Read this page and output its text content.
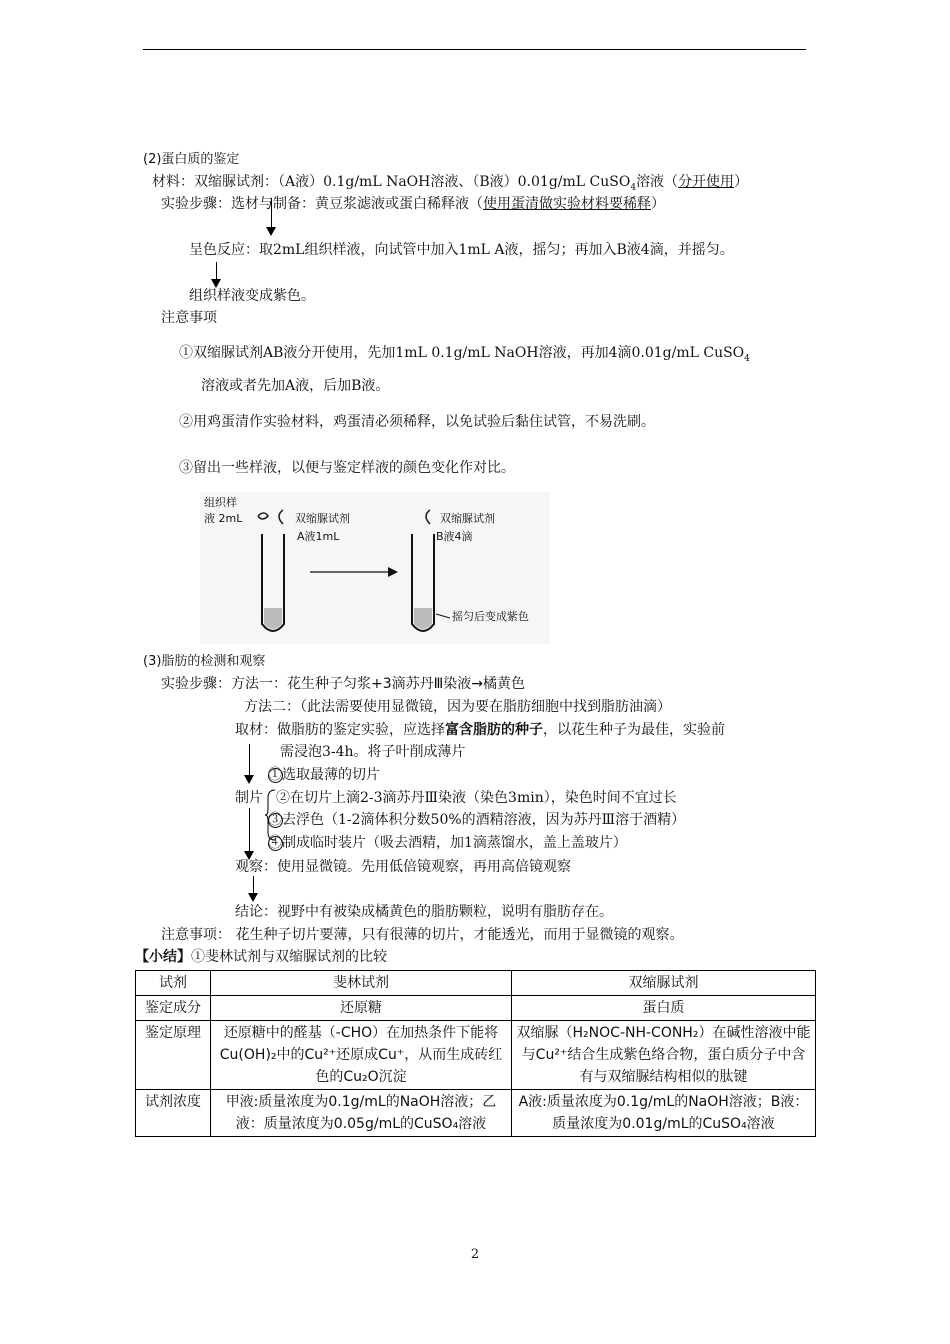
(2)蛋白质的鉴定
材料：双缩脲试剂：（A液）0.1g/mL NaOH溶液、（B液）0.01g/mL CuSO$_4$溶液（分开使用）
实验步骤：选材与制备：黄豆浆滤液或蛋白稀释液（使用蛋清做实验材料要稀释）
呈色反应：取2mL组织样液，向试管中加入1mL A液，摇匀；再加入B液4滴，并摇匀。
组织样液变成紫色。
注意事项
①双缩脲试剂AB液分开使用，先加1mL 0.1g/mL NaOH溶液，再加4滴0.01g/mL CuSO$_4$
溶液或者先加A液，后加B液。
②用鸡蛋清作实验材料，鸡蛋清必须稀释，以免试验后黏住试管，不易洗刷。
③留出一些样液，以便与鉴定样液的颜色变化作对比。
组织样
液 2mL	双缩脲试剂
A液1mL
双缩脲试剂
B液4滴
摇匀后变成紫色
(3)脂肪的检测和观察
实验步骤：方法一：花生种子匀浆+3滴苏丹Ⅲ染液→橘黄色
方法二：（此法需要使用显微镜，因为要在脂肪细胞中找到脂肪油滴）
取材：做脂肪的鉴定实验，应选择富含脂肪的种子，以花生种子为最佳，实验前
需浸泡3-4h。将子叶削成薄片
①选取最薄的切片
制片 ②在切片上滴2-3滴苏丹Ⅲ染液（染色3min），染色时间不宜过长
③去浮色（1-2滴体积分数50%的酒精溶液，因为苏丹Ⅲ溶于酒精）
④制成临时装片（吸去酒精，加1滴蒸馏水，盖上盖玻片）
观察：使用显微镜。先用低倍镜观察，再用高倍镜观察
结论：视野中有被染成橘黄色的脂肪颗粒，说明有脂肪存在。
注意事项： 花生种子切片要薄，只有很薄的切片，才能透光，而用于显微镜的观察。
【小结】①斐林试剂与双缩脲试剂的比较
试剂	斐林试剂	双缩脲试剂
鉴定成分	还原糖	蛋白质
鉴定原理	还原糖中的醛基（-CHO）在加热条件下能将Cu(OH)₂中的Cu²⁺还原成Cu⁺，从而生成砖红色的Cu₂O沉淀	双缩脲（H₂NOC-NH-CONH₂）在碱性溶液中能与Cu²⁺结合生成紫色络合物，蛋白质分子中含有与双缩脲结构相似的肽键
试剂浓度	甲液:质量浓度为0.1g/mL的NaOH溶液；乙液：质量浓度为0.05g/mL的CuSO₄溶液	A液:质量浓度为0.1g/mL的NaOH溶液；B液：质量浓度为0.01g/mL的CuSO₄溶液
2
